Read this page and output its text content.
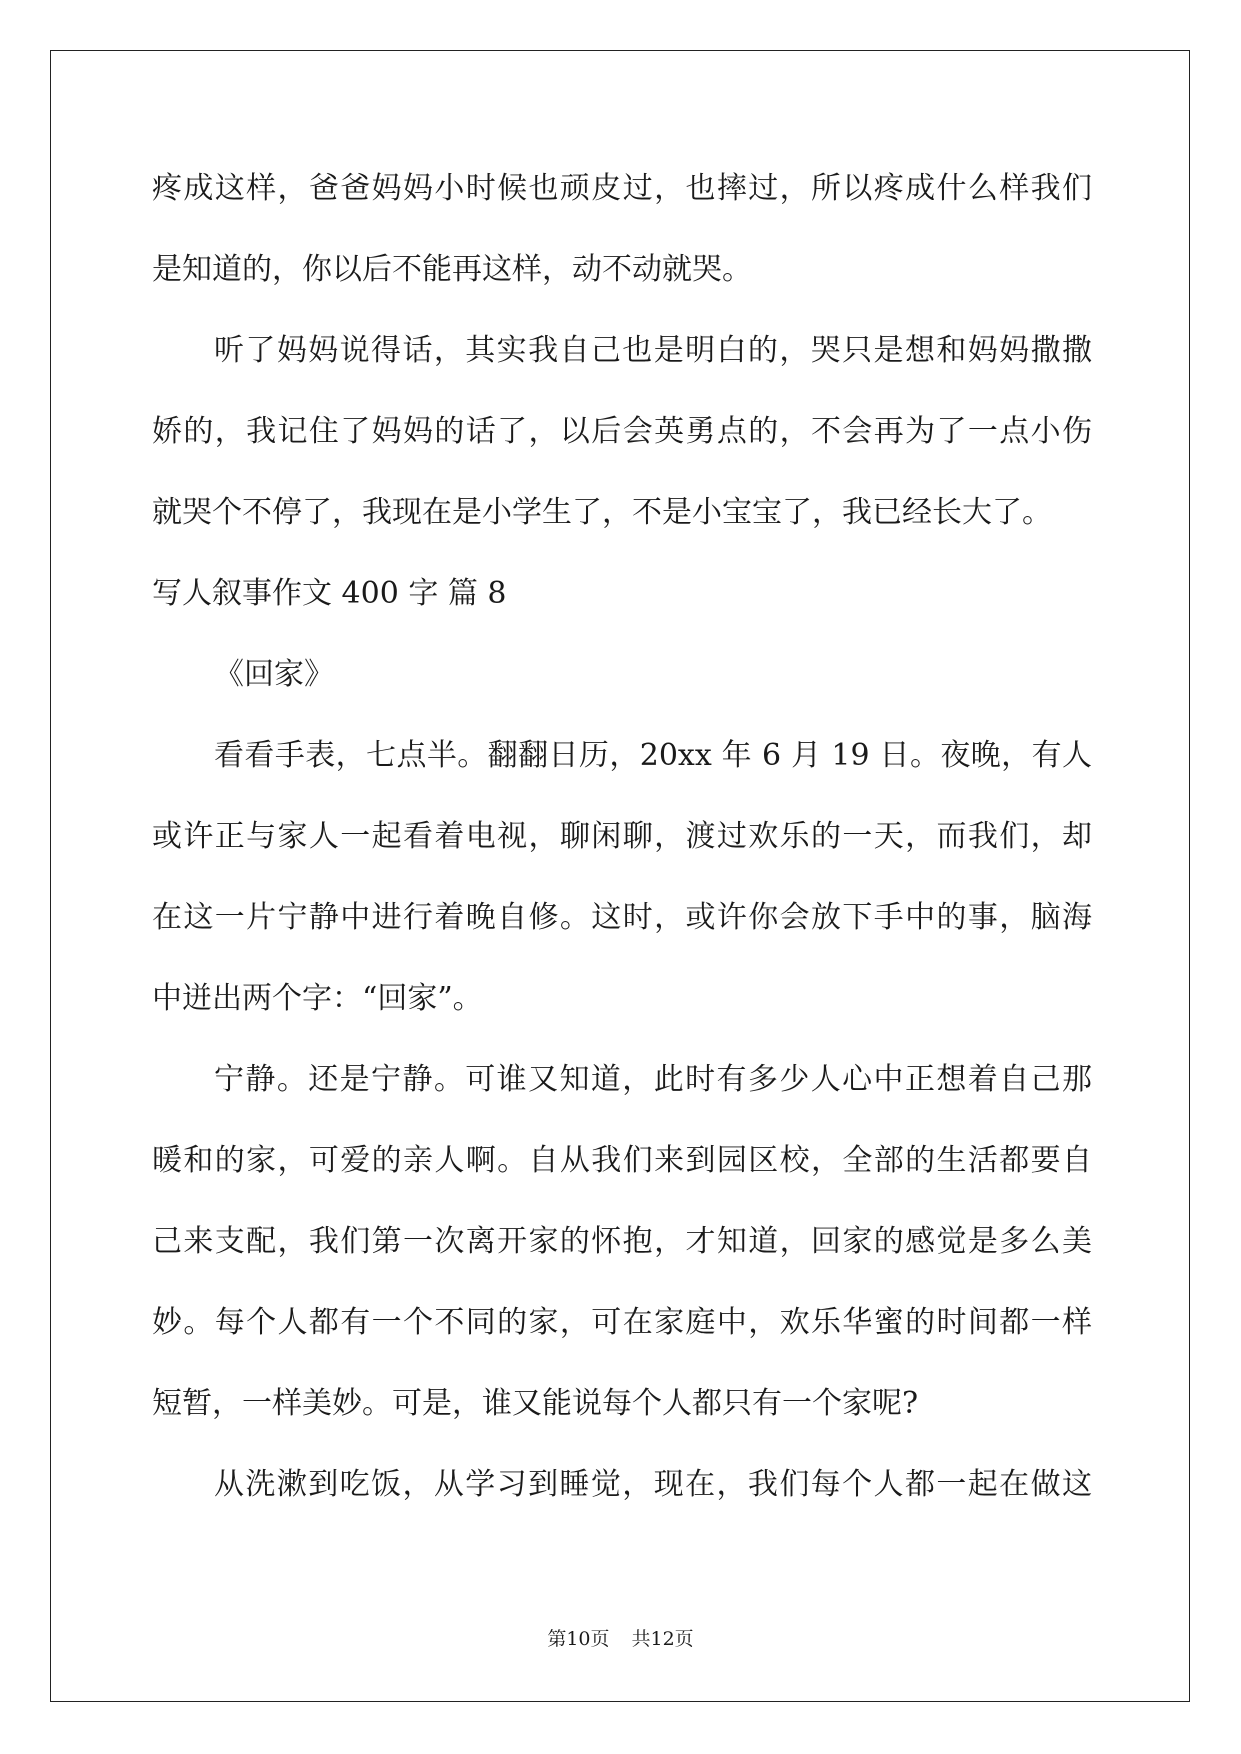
疼成这样，爸爸妈妈小时候也顽皮过，也摔过，所以疼成什么样我们
是知道的，你以后不能再这样，动不动就哭。
听了妈妈说得话，其实我自己也是明白的，哭只是想和妈妈撒撒
娇的，我记住了妈妈的话了，以后会英勇点的，不会再为了一点小伤
就哭个不停了，我现在是小学生了，不是小宝宝了，我已经长大了。
写人叙事作文 400 字 篇 8
《回家》
看看手表，七点半。翻翻日历，20xx 年 6 月 19 日。夜晚，有人
或许正与家人一起看着电视，聊闲聊，渡过欢乐的一天，而我们，却
在这一片宁静中进行着晚自修。这时，或许你会放下手中的事，脑海
中迸出两个字：“回家”。
宁静。还是宁静。可谁又知道，此时有多少人心中正想着自己那
暖和的家，可爱的亲人啊。自从我们来到园区校，全部的生活都要自
己来支配，我们第一次离开家的怀抱，才知道，回家的感觉是多么美
妙。每个人都有一个不同的家，可在家庭中，欢乐华蜜的时间都一样
短暂，一样美妙。可是，谁又能说每个人都只有一个家呢?
从洗漱到吃饭，从学习到睡觉，现在，我们每个人都一起在做这
第10页 共12页
